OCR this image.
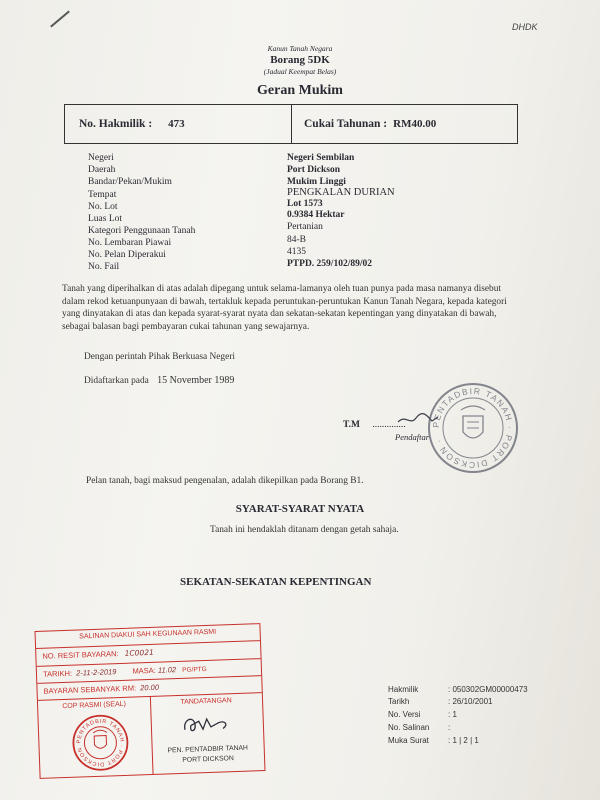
DHDK
Kanun Tanah Negara
Borang 5DK
(Jadual Keempat Belas)
Geran Mukim
No. Hakmilik : 473	Cukai Tahunan : RM40.00
Negeri	Negeri Sembilan
Daerah	Port Dickson
Bandar/Pekan/Mukim	Mukim Linggi
Tempat	PENGKALAN DURIAN
No. Lot	Lot 1573
Luas Lot	0.9384 Hektar
Kategori Penggunaan Tanah	Pertanian
No. Lembaran Piawai	84-B
No. Pelan Diperakui	4135
No. Fail	PTPD. 259/102/89/02
Tanah yang diperihalkan di atas adalah dipegang untuk selama-lamanya oleh tuan punya pada masa namanya disebut dalam rekod ketuanpunyaan di bawah, tertakluk kepada peruntukan-peruntukan Kanun Tanah Negara, kepada kategori yang dinyatakan di atas dan kepada syarat-syarat nyata dan sekatan-sekatan kepentingan yang dinyatakan di bawah, sebagai balasan bagi pembayaran cukai tahunan yang sewajarnya.
Dengan perintah Pihak Berkuasa Negeri
Didaftarkan pada 15 November 1989
T.M ..............
Pendaftar
PENTADBIR TANAH · PORT DICKSON ·
Pelan tanah, bagi maksud pengenalan, adalah dikepilkan pada Borang B1.
SYARAT-SYARAT NYATA
Tanah ini hendaklah ditanam dengan getah sahaja.
SEKATAN-SEKATAN KEPENTINGAN
SALINAN DIAKUI SAH KEGUNAAN RASMI
NO. RESIT BAYARAN: 1C0021
TARIKH: 2-11-2-2019 MASA: 11.02 PG/PTG
BAYARAN SEBANYAK RM: 20.00
COP RASMI (SEAL)	TANDATANGAN
PENTADBIR TANAH · PORT DICKSON	PEN. PENTADBIR TANAH
PORT DICKSON
Hakmilik	: 050302GM00000473
Tarikh	: 26/10/2001
No. Versi	: 1
No. Salinan :
Muka Surat : 1 | 2 | 1
